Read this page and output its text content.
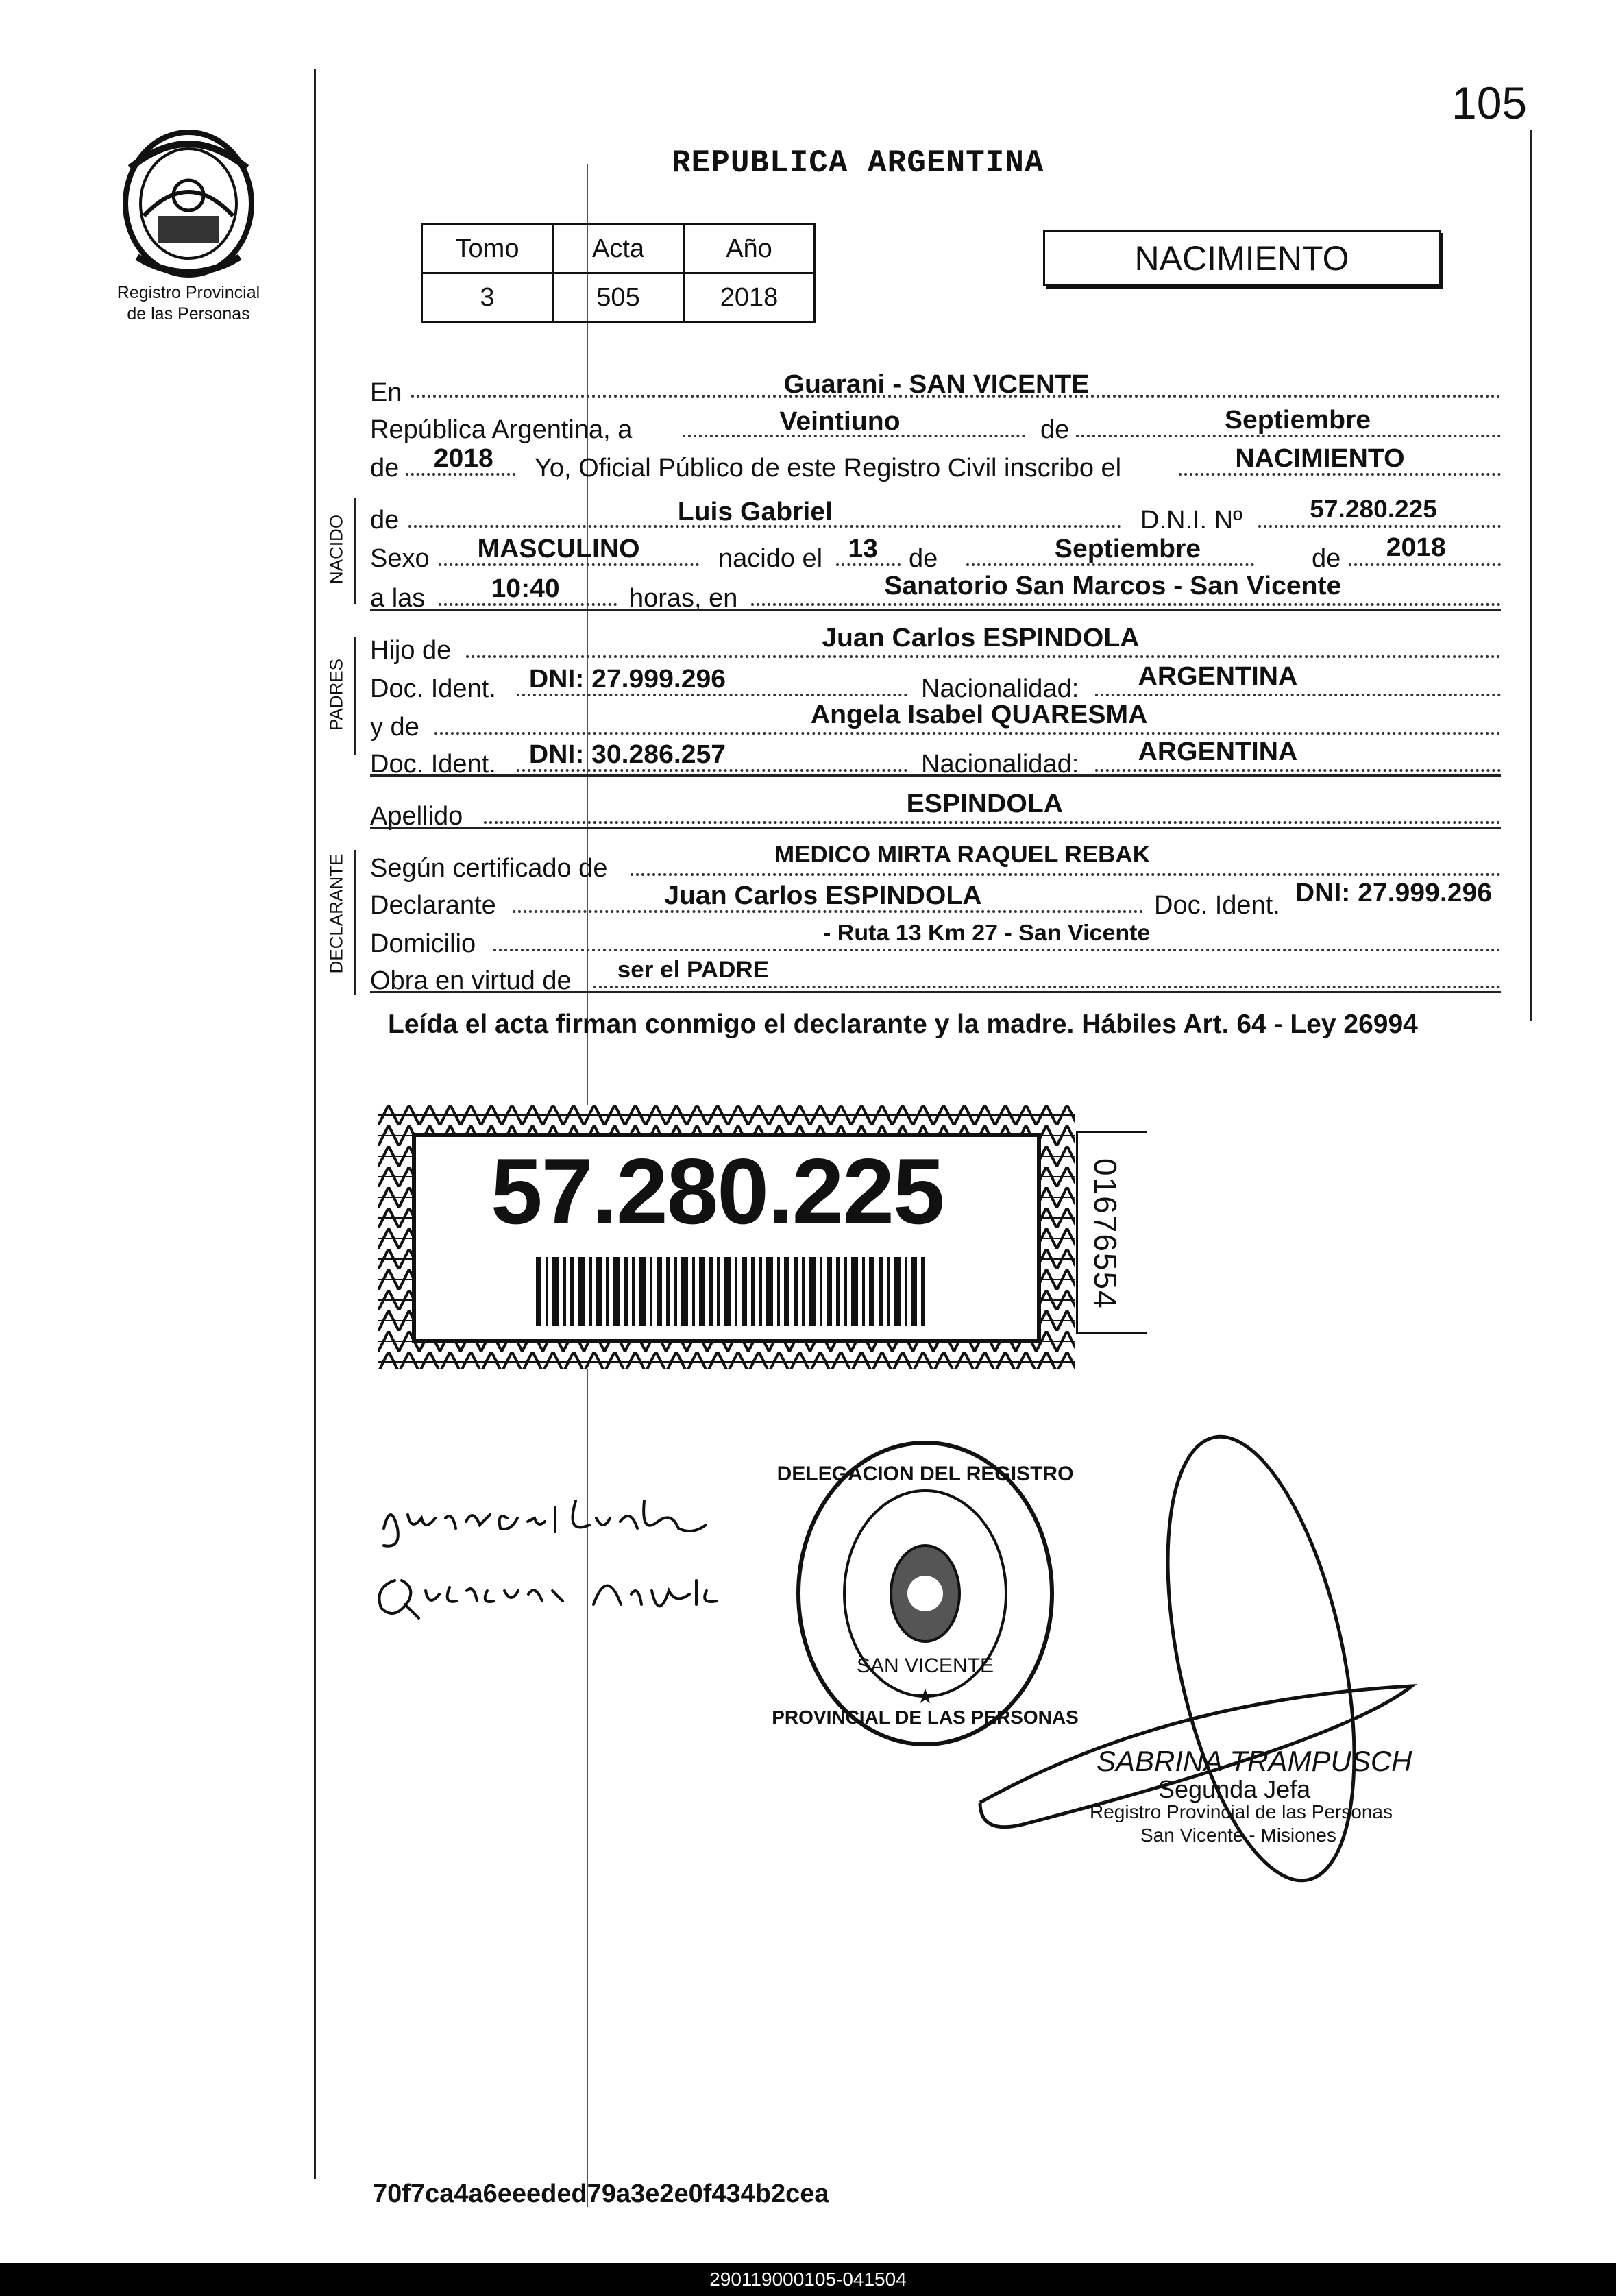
105
Registro Provincial
de las Personas
REPUBLICA ARGENTINA
Tomo	Acta	Año
3	505	2018
NACIMIENTO
NACIDO
PADRES
DECLARANTE
En	Guarani - SAN VICENTE
República Argentina, a	Veintiuno	de	Septiembre
de 2018 Yo, Oficial Público de este Registro Civil inscribo el	NACIMIENTO
de	Luis Gabriel	D.N.I. Nº	57.280.225
Sexo MASCULINO	nacido el 13 de	Septiembre	de 2018
a las	10:40	horas, en	Sanatorio San Marcos - San Vicente
Hijo de	Juan Carlos ESPINDOLA
Doc. Ident. DNI: 27.999.296	Nacionalidad: ARGENTINA
y de	Angela Isabel QUARESMA
Doc. Ident. DNI: 30.286.257	Nacionalidad: ARGENTINA
Apellido	ESPINDOLA
Según certificado de	MEDICO MIRTA RAQUEL REBAK
Declarante	Juan Carlos ESPINDOLA	Doc. Ident. DNI: 27.999.296
Domicilio	- Ruta 13 Km 27 - San Vicente
Obra en virtud de ser el PADRE
Leída el acta firman conmigo el declarante y la madre. Hábiles Art. 64 - Ley 26994
57.280.225	01676554
DELEGACION DEL REGISTRO
PROVINCIAL DE LAS PERSONAS
SAN VICENTE
★
SABRINA TRAMPUSCH
Segunda Jefa
Registro Provincial de las Personas
San Vicente - Misiones
70f7ca4a6eeeded79a3e2e0f434b2cea
290119000105-041504
